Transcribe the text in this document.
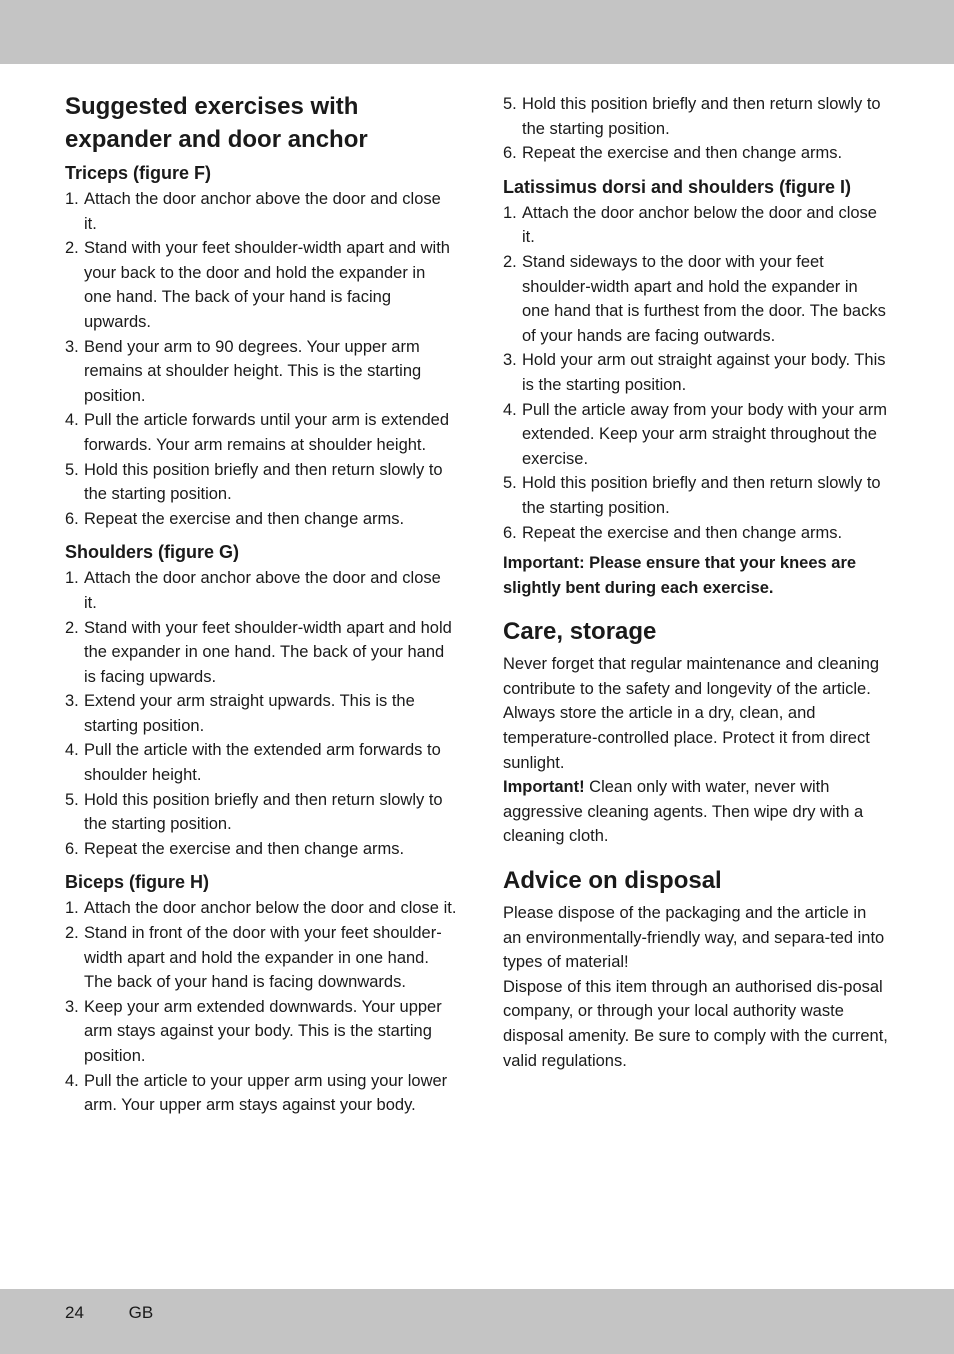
Suggested exercises with expander and door anchor
Triceps (figure F)
1. Attach the door anchor above the door and close it.
2. Stand with your feet shoulder-width apart and with your back to the door and hold the expander in one hand. The back of your hand is facing upwards.
3. Bend your arm to 90 degrees. Your upper arm remains at shoulder height. This is the starting position.
4. Pull the article forwards until your arm is extended forwards. Your arm remains at shoulder height.
5. Hold this position briefly and then return slowly to the starting position.
6. Repeat the exercise and then change arms.
Shoulders (figure G)
1. Attach the door anchor above the door and close it.
2. Stand with your feet shoulder-width apart and hold the expander in one hand. The back of your hand is facing upwards.
3. Extend your arm straight upwards. This is the starting position.
4. Pull the article with the extended arm forwards to shoulder height.
5. Hold this position briefly and then return slowly to the starting position.
6. Repeat the exercise and then change arms.
Biceps (figure H)
1. Attach the door anchor below the door and close it.
2. Stand in front of the door with your feet shoulder-width apart and hold the expander in one hand. The back of your hand is facing downwards.
3. Keep your arm extended downwards. Your upper arm stays against your body. This is the starting position.
4. Pull the article to your upper arm using your lower arm. Your upper arm stays against your body.
5. Hold this position briefly and then return slowly to the starting position.
6. Repeat the exercise and then change arms.
Latissimus dorsi and shoulders (figure I)
1. Attach the door anchor below the door and close it.
2. Stand sideways to the door with your feet shoulder-width apart and hold the expander in one hand that is furthest from the door. The backs of your hands are facing outwards.
3. Hold your arm out straight against your body. This is the starting position.
4. Pull the article away from your body with your arm extended. Keep your arm straight throughout the exercise.
5. Hold this position briefly and then return slowly to the starting position.
6. Repeat the exercise and then change arms.
Important: Please ensure that your knees are slightly bent during each exercise.
Care, storage

Never forget that regular maintenance and cleaning contribute to the safety and longevity of the article.

Always store the article in a dry, clean, and temperature-controlled place. Protect it from direct sunlight.

Important! Clean only with water, never with aggressive cleaning agents. Then wipe dry with a cleaning cloth.

Advice on disposal

Please dispose of the packaging and the article in an environmentally-friendly way, and separa-ted into types of material!

Dispose of this item through an authorised dis-posal company, or through your local authority waste disposal amenity. Be sure to comply with the current, valid regulations.

24	GB
